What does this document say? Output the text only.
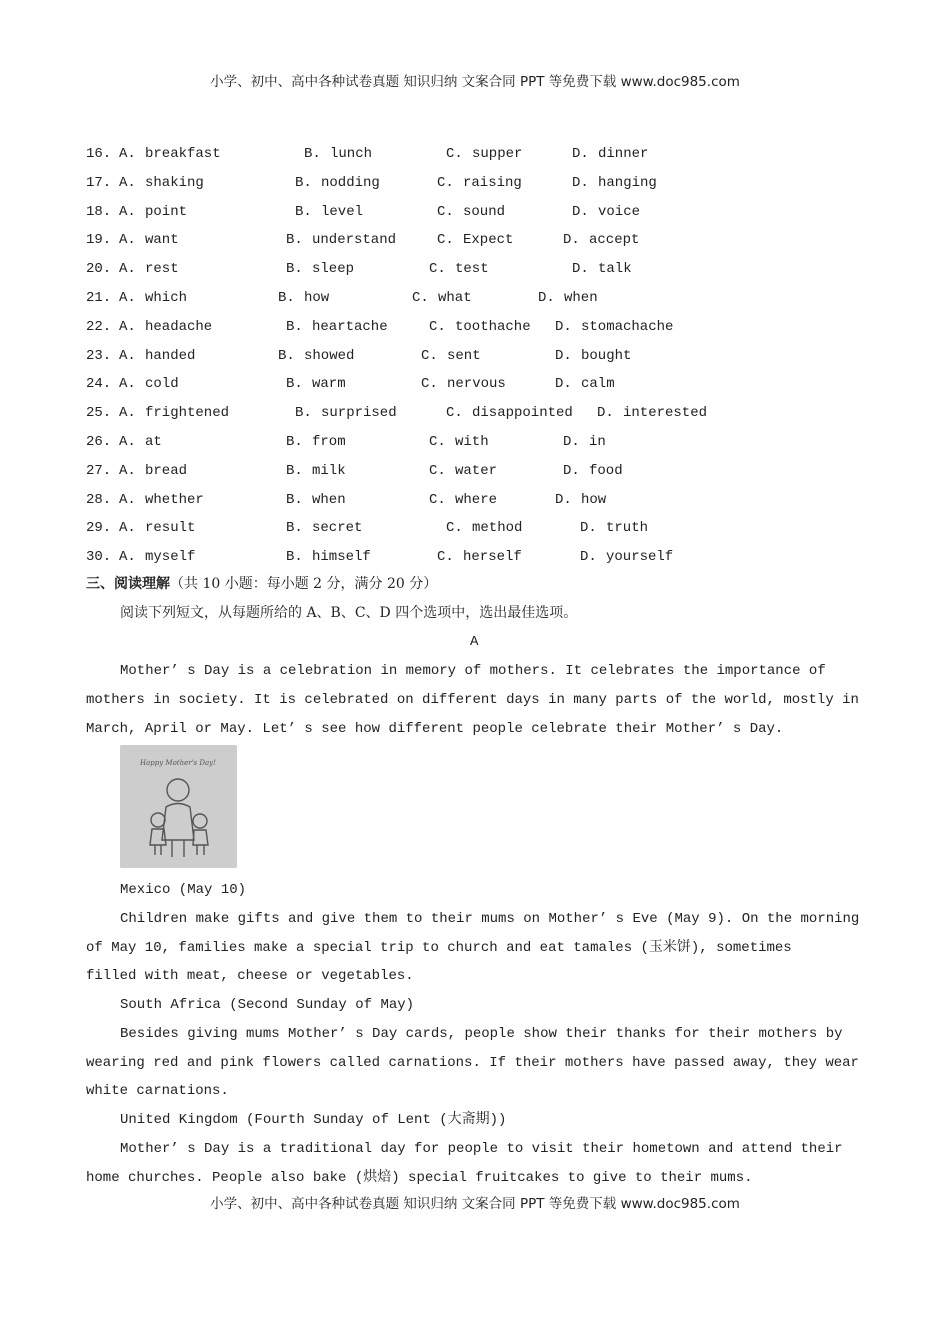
小学、初中、高中各种试卷真题 知识归纳 文案合同 PPT 等免费下载 www.doc985.com
16. A. breakfast	B. lunch	C. supper	D. dinner
17. A. shaking	B. nodding	C. raising	D. hanging
18. A. point	B. level	C. sound	D. voice
19. A. want	B. understand	C. Expect	D. accept
20. A. rest	B. sleep	C. test	D. talk
21. A. which	B. how	C. what	D. when
22. A. headache	B. heartache	C. toothache D. stomachache
23. A. handed	B. showed	C. sent	D. bought
24. A. cold	B. warm	C. nervous	D. calm
25. A. frightened	B. surprised	C. disappointed D. interested
26. A. at	B. from	C. with	D. in
27. A. bread	B. milk	C. water	D. food
28. A. whether	B. when	C. where	D. how
29. A. result	B. secret	C. method	D. truth
30. A. myself	B. himself	C. herself	D. yourself
三、阅读理解（共 10 小题：每小题 2 分，满分 20 分）
阅读下列短文，从每题所给的 A、B、C、D 四个选项中，选出最佳选项。
A
Mother’ s Day is a celebration in memory of mothers. It celebrates the importance of
mothers in society. It is celebrated on different days in many parts of the world, mostly in
March, April or May. Let’ s see how different people celebrate their Mother’ s Day.
Mexico (May 10)
Children make gifts and give them to their mums on Mother’ s Eve (May 9). On the morning
of May 10, families make a special trip to church and eat tamales (玉米饼), sometimes
filled with meat, cheese or vegetables.
South Africa (Second Sunday of May)
Besides giving mums Mother’ s Day cards, people show their thanks for their mothers by
wearing red and pink flowers called carnations. If their mothers have passed away, they wear
white carnations.
United Kingdom (Fourth Sunday of Lent (大斋期))
Mother’ s Day is a traditional day for people to visit their hometown and attend their
home churches. People also bake (烘焙) special fruitcakes to give to their mums.
Happy Mother's Day!
小学、初中、高中各种试卷真题 知识归纳 文案合同 PPT 等免费下载 www.doc985.com
